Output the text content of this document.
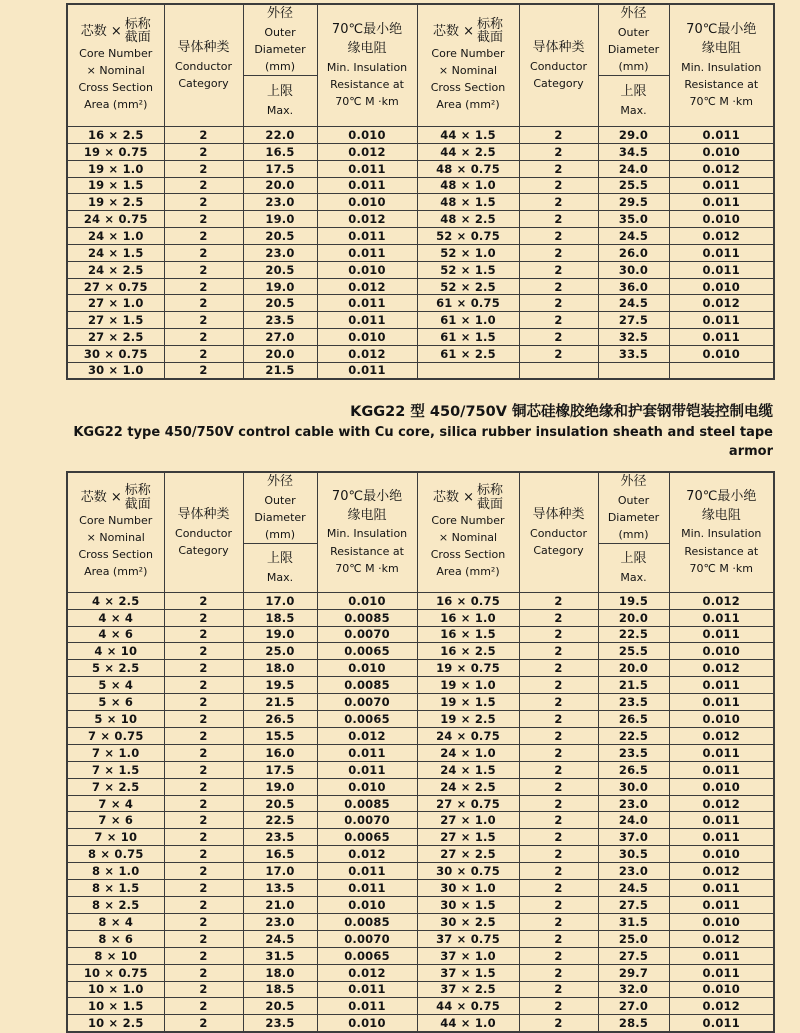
芯数 × 标称
截面
Core Number
× Nominal
Cross Section
Area (mm²)

导体种类
Conductor
Category

外径
Outer
Diameter
(mm)

70℃最小绝
缘电阻
Min. Insulation
Resistance at
70℃ M ·km

芯数 × 标称
截面
Core Number
× Nominal
Cross Section
Area (mm²)

导体种类
Conductor
Category

外径
Outer
Diameter
(mm)

70℃最小绝
缘电阻
Min. Insulation
Resistance at
70℃ M ·km

上限
Max.

上限
Max.

16 × 2.5	2	22.0	0.010	44 × 1.5	2	29.0	0.011
19 × 0.75	2	16.5	0.012	44 × 2.5	2	34.5	0.010
19 × 1.0	2	17.5	0.011	48 × 0.75	2	24.0	0.012
19 × 1.5	2	20.0	0.011	48 × 1.0	2	25.5	0.011
19 × 2.5	2	23.0	0.010	48 × 1.5	2	29.5	0.011
24 × 0.75	2	19.0	0.012	48 × 2.5	2	35.0	0.010
24 × 1.0	2	20.5	0.011	52 × 0.75	2	24.5	0.012
24 × 1.5	2	23.0	0.011	52 × 1.0	2	26.0	0.011
24 × 2.5	2	20.5	0.010	52 × 1.5	2	30.0	0.011
27 × 0.75	2	19.0	0.012	52 × 2.5	2	36.0	0.010
27 × 1.0	2	20.5	0.011	61 × 0.75	2	24.5	0.012
27 × 1.5	2	23.5	0.011	61 × 1.0	2	27.5	0.011
27 × 2.5	2	27.0	0.010	61 × 1.5	2	32.5	0.011
30 × 0.75	2	20.0	0.012	61 × 2.5	2	33.5	0.010
30 × 1.0	2	21.5	0.011				
KGG22 型 450/750V 铜芯硅橡胶绝缘和护套钢带铠装控制电缆
KGG22 type 450/750V control cable with Cu core, silica rubber insulation sheath and steel tape armor
芯数 × 标称
截面
Core Number
× Nominal
Cross Section
Area (mm²)

导体种类
Conductor
Category

外径
Outer
Diameter
(mm)

70℃最小绝
缘电阻
Min. Insulation
Resistance at
70℃ M ·km

芯数 × 标称
截面
Core Number
× Nominal
Cross Section
Area (mm²)

导体种类
Conductor
Category

外径
Outer
Diameter
(mm)

70℃最小绝
缘电阻
Min. Insulation
Resistance at
70℃ M ·km

上限
Max.

上限
Max.

4 × 2.5	2	17.0	0.010	16 × 0.75	2	19.5	0.012
4 × 4	2	18.5	0.0085	16 × 1.0	2	20.0	0.011
4 × 6	2	19.0	0.0070	16 × 1.5	2	22.5	0.011
4 × 10	2	25.0	0.0065	16 × 2.5	2	25.5	0.010
5 × 2.5	2	18.0	0.010	19 × 0.75	2	20.0	0.012
5 × 4	2	19.5	0.0085	19 × 1.0	2	21.5	0.011
5 × 6	2	21.5	0.0070	19 × 1.5	2	23.5	0.011
5 × 10	2	26.5	0.0065	19 × 2.5	2	26.5	0.010
7 × 0.75	2	15.5	0.012	24 × 0.75	2	22.5	0.012
7 × 1.0	2	16.0	0.011	24 × 1.0	2	23.5	0.011
7 × 1.5	2	17.5	0.011	24 × 1.5	2	26.5	0.011
7 × 2.5	2	19.0	0.010	24 × 2.5	2	30.0	0.010
7 × 4	2	20.5	0.0085	27 × 0.75	2	23.0	0.012
7 × 6	2	22.5	0.0070	27 × 1.0	2	24.0	0.011
7 × 10	2	23.5	0.0065	27 × 1.5	2	37.0	0.011
8 × 0.75	2	16.5	0.012	27 × 2.5	2	30.5	0.010
8 × 1.0	2	17.0	0.011	30 × 0.75	2	23.0	0.012
8 × 1.5	2	13.5	0.011	30 × 1.0	2	24.5	0.011
8 × 2.5	2	21.0	0.010	30 × 1.5	2	27.5	0.011
8 × 4	2	23.0	0.0085	30 × 2.5	2	31.5	0.010
8 × 6	2	24.5	0.0070	37 × 0.75	2	25.0	0.012
8 × 10	2	31.5	0.0065	37 × 1.0	2	27.5	0.011
10 × 0.75	2	18.0	0.012	37 × 1.5	2	29.7	0.011
10 × 1.0	2	18.5	0.011	37 × 2.5	2	32.0	0.010
10 × 1.5	2	20.5	0.011	44 × 0.75	2	27.0	0.012
10 × 2.5	2	23.5	0.010	44 × 1.0	2	28.5	0.011
